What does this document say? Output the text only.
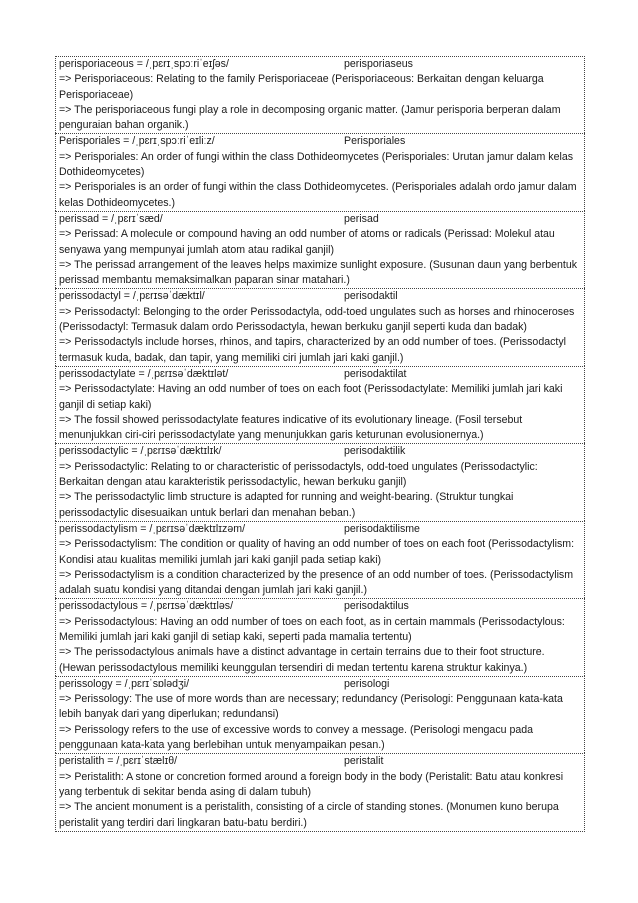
perisporiaceous = /ˌpɛrɪˌspɔːriˈeɪʃəs/	perisporiaseus
=> Perisporiaceous: Relating to the family Perisporiaceae (Perisporiaceous: Berkaitan dengan keluarga Perisporiaceae)
=> The perisporiaceous fungi play a role in decomposing organic matter. (Jamur perisporia berperan dalam penguraian bahan organik.)
Perisporiales = /ˌpɛrɪˌspɔːriˈeɪliːz/	Perisporiales
=> Perisporiales: An order of fungi within the class Dothideomycetes (Perisporiales: Urutan jamur dalam kelas Dothideomycetes)
=> Perisporiales is an order of fungi within the class Dothideomycetes. (Perisporiales adalah ordo jamur dalam kelas Dothideomycetes.)
perissad = /ˌpɛrɪˈsæd/	perisad
=> Perissad: A molecule or compound having an odd number of atoms or radicals (Perissad: Molekul atau senyawa yang mempunyai jumlah atom atau radikal ganjil)
=> The perissad arrangement of the leaves helps maximize sunlight exposure. (Susunan daun yang berbentuk perissad membantu memaksimalkan paparan sinar matahari.)
perissodactyl = /ˌpɛrɪsəˈdæktɪl/	perisodaktil
=> Perissodactyl: Belonging to the order Perissodactyla, odd-toed ungulates such as horses and rhinoceroses (Perissodactyl: Termasuk dalam ordo Perissodactyla, hewan berkuku ganjil seperti kuda dan badak)
=> Perissodactyls include horses, rhinos, and tapirs, characterized by an odd number of toes. (Perissodactyl termasuk kuda, badak, dan tapir, yang memiliki ciri jumlah jari kaki ganjil.)
perissodactylate = /ˌpɛrɪsəˈdæktɪlət/	perisodaktilat
=> Perissodactylate: Having an odd number of toes on each foot (Perissodactylate: Memiliki jumlah jari kaki ganjil di setiap kaki)
=> The fossil showed perissodactylate features indicative of its evolutionary lineage. (Fosil tersebut menunjukkan ciri-ciri perissodactylate yang menunjukkan garis keturunan evolusionernya.)
perissodactylic = /ˌpɛrɪsəˈdæktɪlɪk/	perisodaktilik
=> Perissodactylic: Relating to or characteristic of perissodactyls, odd-toed ungulates (Perissodactylic: Berkaitan dengan atau karakteristik perissodactylic, hewan berkuku ganjil)
=> The perissodactylic limb structure is adapted for running and weight-bearing. (Struktur tungkai perissodactylic disesuaikan untuk berlari dan menahan beban.)
perissodactylism = /ˌpɛrɪsəˈdæktɪlɪzəm/	perisodaktilisme
=> Perissodactylism: The condition or quality of having an odd number of toes on each foot (Perissodactylism: Kondisi atau kualitas memiliki jumlah jari kaki ganjil pada setiap kaki)
=> Perissodactylism is a condition characterized by the presence of an odd number of toes. (Perissodactylism adalah suatu kondisi yang ditandai dengan jumlah jari kaki ganjil.)
perissodactylous = /ˌpɛrɪsəˈdæktɪləs/	perisodaktilus
=> Perissodactylous: Having an odd number of toes on each foot, as in certain mammals (Perissodactylous: Memiliki jumlah jari kaki ganjil di setiap kaki, seperti pada mamalia tertentu)
=> The perissodactylous animals have a distinct advantage in certain terrains due to their foot structure. (Hewan perissodactylous memiliki keunggulan tersendiri di medan tertentu karena struktur kakinya.)
perissology = /ˌpɛrɪˈsɒlədʒi/	perisologi
=> Perissology: The use of more words than are necessary; redundancy (Perisologi: Penggunaan kata-kata lebih banyak dari yang diperlukan; redundansi)
=> Perissology refers to the use of excessive words to convey a message. (Perisologi mengacu pada penggunaan kata-kata yang berlebihan untuk menyampaikan pesan.)
peristalith = /ˌpɛrɪˈstælɪθ/	peristalit
=> Peristalith: A stone or concretion formed around a foreign body in the body (Peristalit: Batu atau konkresi yang terbentuk di sekitar benda asing di dalam tubuh)
=> The ancient monument is a peristalith, consisting of a circle of standing stones. (Monumen kuno berupa peristalit yang terdiri dari lingkaran batu-batu berdiri.)
